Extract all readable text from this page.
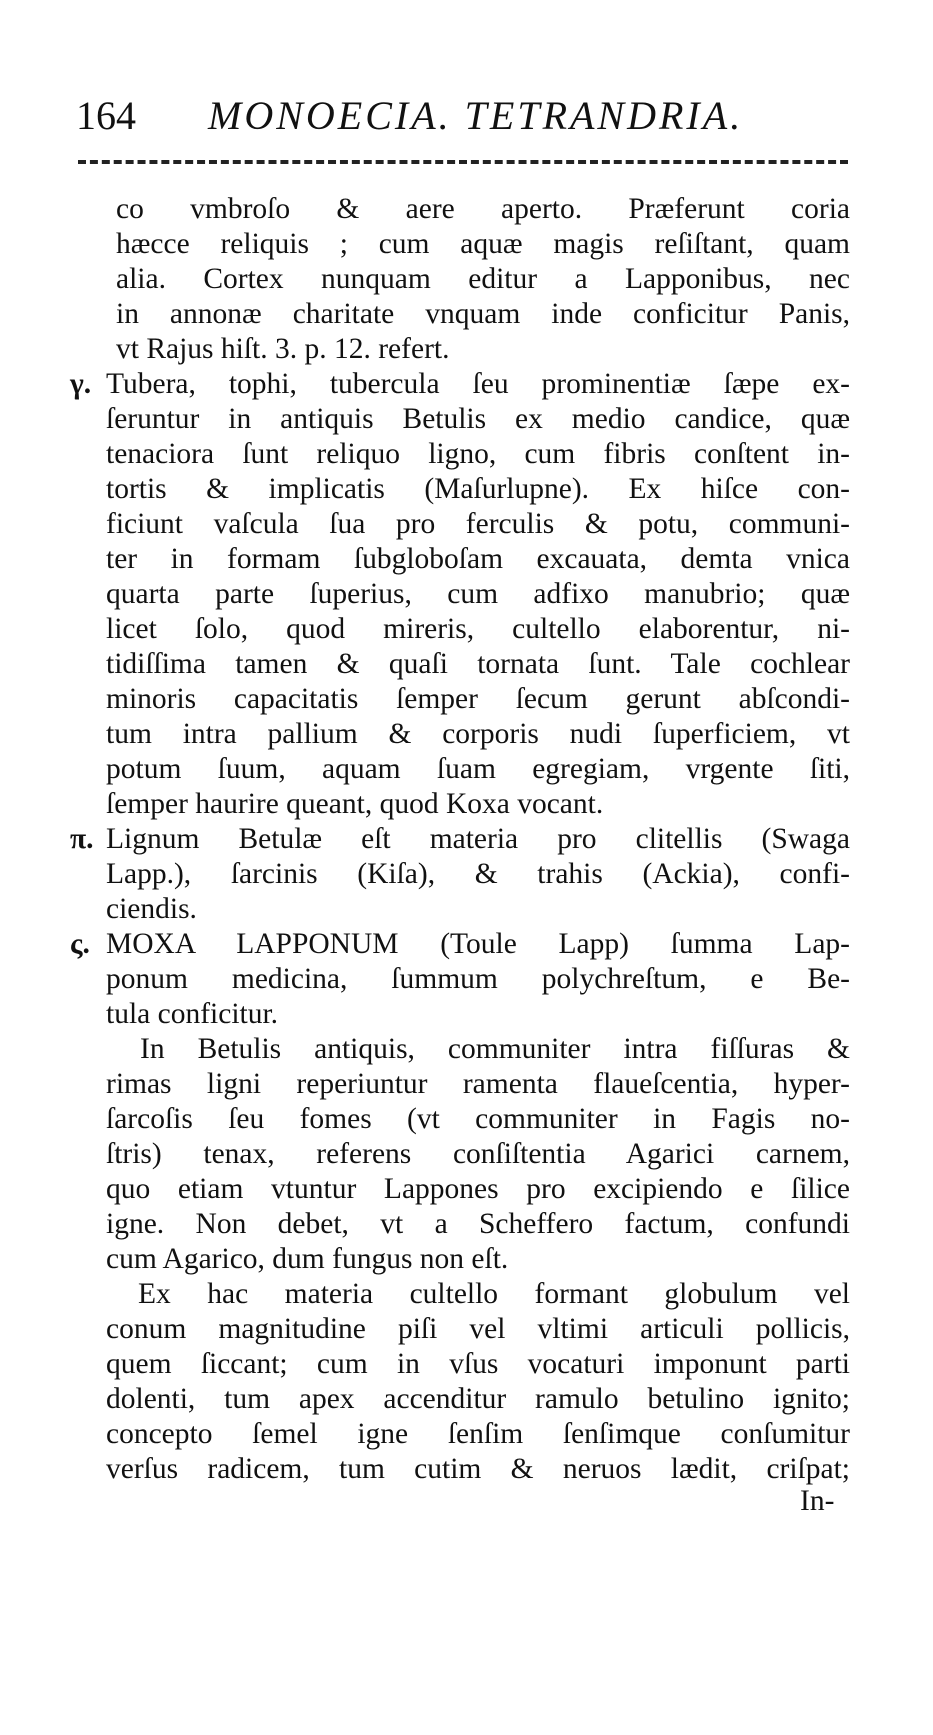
164 MONOECIA. TETRANDRIA.
co vmbroſo & aere aperto. Præferunt coria
hæcce reliquis ; cum aquæ magis reſiſtant, quam
alia. Cortex nunquam editur a Lapponibus, nec
in annonæ charitate vnquam inde conficitur Panis,
vt Rajus hiſt. 3. p. 12. refert.
γ. Tubera, tophi, tubercula ſeu prominentiæ ſæpe ex-
ſeruntur in antiquis Betulis ex medio candice, quæ
tenaciora ſunt reliquo ligno, cum fibris conſtent in-
tortis & implicatis (Maſurlupne). Ex hiſce con-
ficiunt vaſcula ſua pro ferculis & potu, communi-
ter in formam ſubgloboſam excauata, demta vnica
quarta parte ſuperius, cum adfixo manubrio; quæ
licet ſolo, quod mireris, cultello elaborentur, ni-
tidiſſima tamen & quaſi tornata ſunt. Tale cochlear
minoris capacitatis ſemper ſecum gerunt abſcondi-
tum intra pallium & corporis nudi ſuperficiem, vt
potum ſuum, aquam ſuam egregiam, vrgente ſiti,
ſemper haurire queant, quod Koxa vocant.
π. Lignum Betulæ eſt materia pro clitellis (Swaga
Lapp.), ſarcinis (Kiſa), & trahis (Ackia), confi-
ciendis.
ς. MOXA LAPPONUM (Toule Lapp) ſumma Lap-
ponum medicina, ſummum polychreſtum, e Be-
tula conficitur.
In Betulis antiquis, communiter intra fiſſuras &
rimas ligni reperiuntur ramenta flaueſcentia, hyper-
ſarcoſis ſeu fomes (vt communiter in Fagis no-
ſtris) tenax, referens conſiſtentia Agarici carnem,
quo etiam vtuntur Lappones pro excipiendo e ſilice
igne. Non debet, vt a Scheffero factum, confundi
cum Agarico, dum fungus non eſt.
Ex hac materia cultello formant globulum vel
conum magnitudine piſi vel vltimi articuli pollicis,
quem ſiccant; cum in vſus vocaturi imponunt parti
dolenti, tum apex accenditur ramulo betulino ignito;
concepto ſemel igne ſenſim ſenſimque conſumitur
verſus radicem, tum cutim & neruos lædit, criſpat;
In-
